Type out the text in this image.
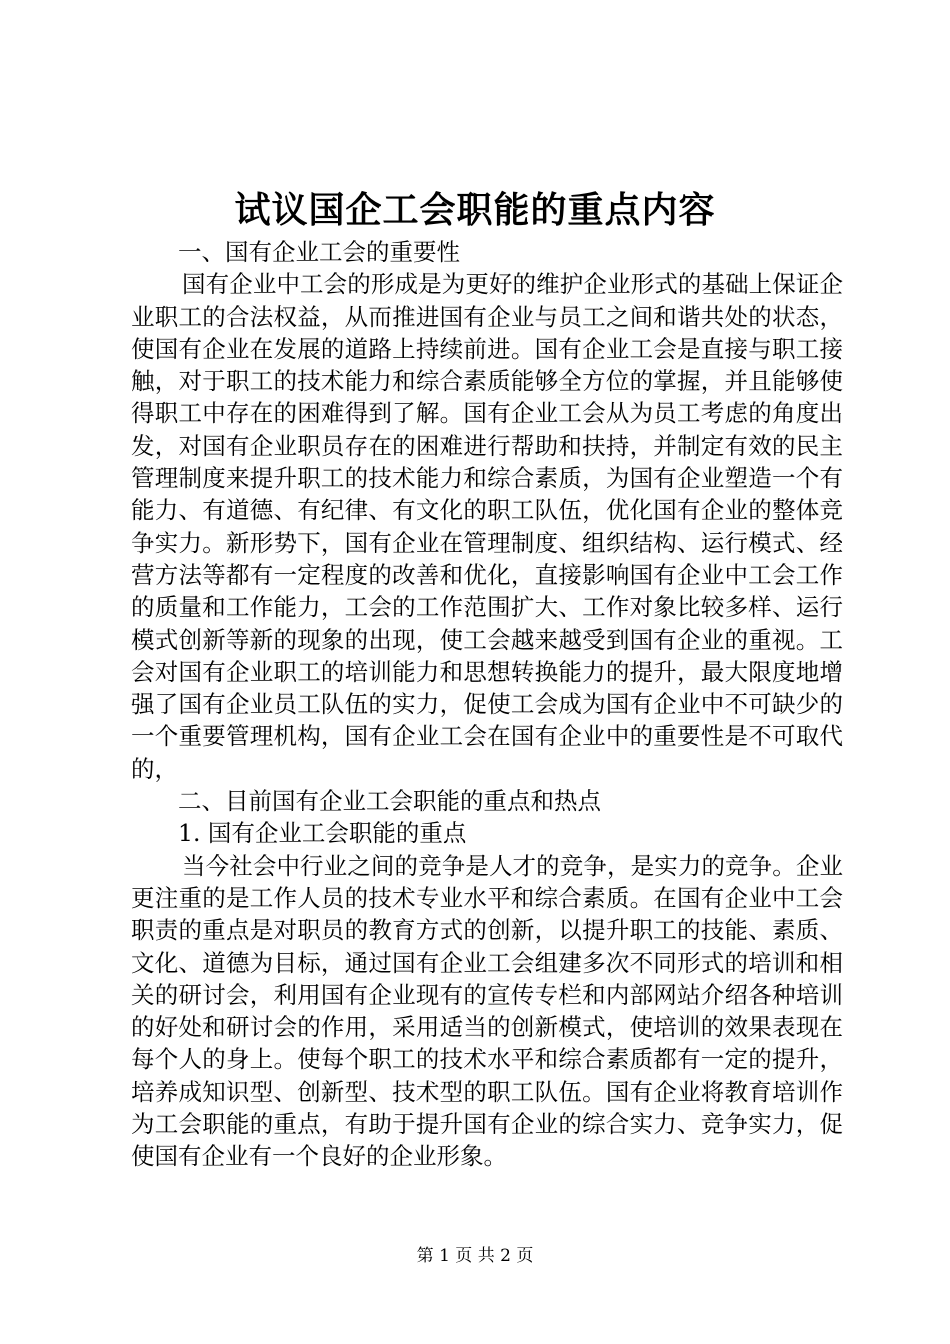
试议国企工会职能的重点内容

一、国有企业工会的重要性

国有企业中工会的形成是为更好的维护企业形式的基础上保证企业职工的合法权益，从而推进国有企业与员工之间和谐共处的状态，使国有企业在发展的道路上持续前进。国有企业工会是直接与职工接触，对于职工的技术能力和综合素质能够全方位的掌握，并且能够使得职工中存在的困难得到了解。国有企业工会从为员工考虑的角度出发，对国有企业职员存在的困难进行帮助和扶持，并制定有效的民主管理制度来提升职工的技术能力和综合素质，为国有企业塑造一个有能力、有道德、有纪律、有文化的职工队伍，优化国有企业的整体竞争实力。新形势下，国有企业在管理制度、组织结构、运行模式、经营方法等都有一定程度的改善和优化，直接影响国有企业中工会工作的质量和工作能力，工会的工作范围扩大、工作对象比较多样、运行模式创新等新的现象的出现，使工会越来越受到国有企业的重视。工会对国有企业职工的培训能力和思想转换能力的提升，最大限度地增强了国有企业员工队伍的实力，促使工会成为国有企业中不可缺少的一个重要管理机构，国有企业工会在国有企业中的重要性是不可取代的，

二、目前国有企业工会职能的重点和热点

1. 国有企业工会职能的重点

当今社会中行业之间的竞争是人才的竞争，是实力的竞争。企业更注重的是工作人员的技术专业水平和综合素质。在国有企业中工会职责的重点是对职员的教育方式的创新，以提升职工的技能、素质、文化、道德为目标，通过国有企业工会组建多次不同形式的培训和相关的研讨会，利用国有企业现有的宣传专栏和内部网站介绍各种培训的好处和研讨会的作用，采用适当的创新模式，使培训的效果表现在每个人的身上。使每个职工的技术水平和综合素质都有一定的提升，培养成知识型、创新型、技术型的职工队伍。国有企业将教育培训作为工会职能的重点，有助于提升国有企业的综合实力、竞争实力，促使国有企业有一个良好的企业形象。

第 1 页 共 2 页
